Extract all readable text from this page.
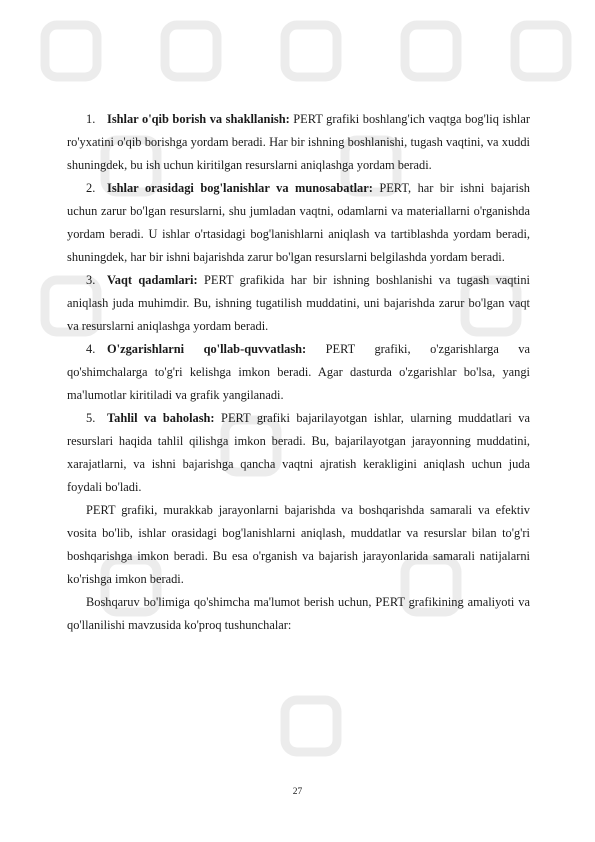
1. Ishlar o'qib borish va shakllanish: PERT grafiki boshlang'ich vaqtga bog'liq ishlar ro'yxatini o'qib borishga yordam beradi. Har bir ishning boshlanishi, tugash vaqtini, va xuddi shuningdek, bu ish uchun kiritilgan resurslarni aniqlashga yordam beradi.

2. Ishlar orasidagi bog'lanishlar va munosabatlar: PERT, har bir ishni bajarish uchun zarur bo'lgan resurslarni, shu jumladan vaqtni, odamlarni va materiallarni o'rganishda yordam beradi. U ishlar o'rtasidagi bog'lanishlarni aniqlash va tartiblashda yordam beradi, shuningdek, har bir ishni bajarishda zarur bo'lgan resurslarni belgilashda yordam beradi.

3. Vaqt qadamlari: PERT grafikida har bir ishning boshlanishi va tugash vaqtini aniqlash juda muhimdir. Bu, ishning tugatilish muddatini, uni bajarishda zarur bo'lgan vaqt va resurslarni aniqlashga yordam beradi.

4. O'zgarishlarni qo'llab-quvvatlash: PERT grafiki, o'zgarishlarga va qo'shimchalarga to'g'ri kelishga imkon beradi. Agar dasturda o'zgarishlar bo'lsa, yangi ma'lumotlar kiritiladi va grafik yangilanadi.

5. Tahlil va baholash: PERT grafiki bajarilayotgan ishlar, ularning muddatlari va resurslari haqida tahlil qilishga imkon beradi. Bu, bajarilayotgan jarayonning muddatini, xarajatlarni, va ishni bajarishga qancha vaqtni ajratish kerakligini aniqlash uchun juda foydali bo'ladi.

PERT grafiki, murakkab jarayonlarni bajarishda va boshqarishda samarali va efektiv vosita bo'lib, ishlar orasidagi bog'lanishlarni aniqlash, muddatlar va resurslar bilan to'g'ri boshqarishga imkon beradi. Bu esa o'rganish va bajarish jarayonlarida samarali natijalarni ko'rishga imkon beradi.

Boshqaruv bo'limiga qo'shimcha ma'lumot berish uchun, PERT grafikining amaliyoti va qo'llanilishi mavzusida ko'proq tushunchalar:

27
